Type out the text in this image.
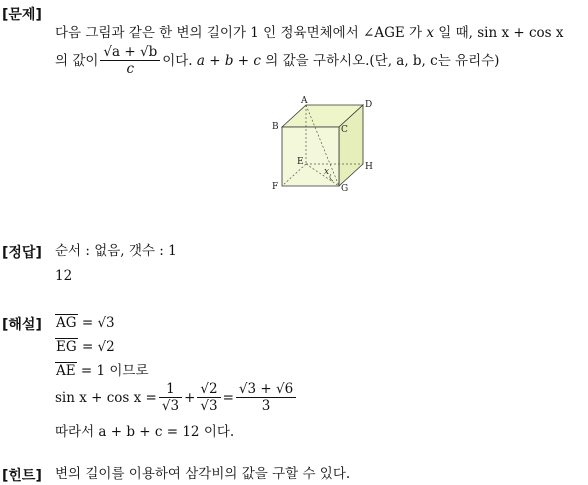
[문제]
다음 그림과 같은 한 변의 길이가 1 인 정육면체에서 ∠AGE 가 x 일 때, sin x + cos x
의 값이 $\frac{√a + √b}{c}$ 이다.
a + b + c
의 값을 구하시오.(단, a, b, c는 유리수)
A
B	C
D
E
F	G
H
x
[정답] 순서 : 없음, 갯수 : 1
12
[해설] AG = √3
EG = √2
AE = 1 이므로
$\sin x + \cos x = \frac{1}{√3} + \frac{√2}{√3} = \frac{√3 + √6}{3}$
따라서 a + b + c = 12 이다.
[힌트] 변의 길이를 이용하여 삼각비의 값을 구할 수 있다.
